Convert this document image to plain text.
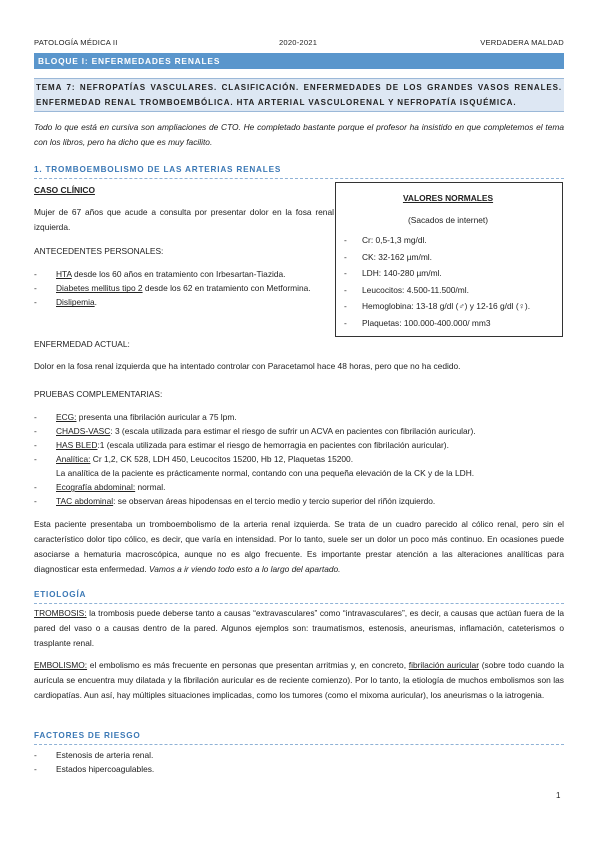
PATOLOGÍA MÉDICA II	2020-2021	VERDADERA MALDAD
BLOQUE I: ENFERMEDADES RENALES
TEMA 7: NEFROPATÍAS VASCULARES. CLASIFICACIÓN. ENFERMEDADES DE LOS GRANDES VASOS RENALES. ENFERMEDAD RENAL TROMBOEMBÓLICA. HTA ARTERIAL VASCULORENAL Y NEFROPATÍA ISQUÉMICA.
Todo lo que está en cursiva son ampliaciones de CTO. He completado bastante porque el profesor ha insistido en que completemos el tema con los libros, pero ha dicho que es muy facilito.
1. TROMBOEMBOLISMO DE LAS ARTERIAS RENALES
CASO CLÍNICO
Mujer de 67 años que acude a consulta por presentar dolor en la fosa renal izquierda.
ANTECEDENTES PERSONALES:
- HTA desde los 60 años en tratamiento con Irbesartan-Tiazida.
- Diabetes mellitus tipo 2 desde los 62 en tratamiento con Metformina.
- Dislipemia.
ENFERMEDAD ACTUAL:
Dolor en la fosa renal izquierda que ha intentado controlar con Paracetamol hace 48 horas, pero que no ha cedido.
PRUEBAS COMPLEMENTARIAS:
- ECG: presenta una fibrilación auricular a 75 lpm.
- CHADS-VASC: 3 (escala utilizada para estimar el riesgo de sufrir un ACVA en pacientes con fibrilación auricular).
- HAS BLED:1 (escala utilizada para estimar el riesgo de hemorragia en pacientes con fibrilación auricular).
- Analítica: Cr 1,2, CK 528, LDH 450, Leucocitos 15200, Hb 12, Plaquetas 15200.
La analítica de la paciente es prácticamente normal, contando con una pequeña elevación de la CK y de la LDH.
- Ecografía abdominal: normal.
- TAC abdominal: se observan áreas hipodensas en el tercio medio y tercio superior del riñón izquierdo.
Esta paciente presentaba un tromboembolismo de la arteria renal izquierda. Se trata de un cuadro parecido al cólico renal, pero sin el característico dolor tipo cólico, es decir, que varía en intensidad. Por lo tanto, suele ser un dolor un poco más continuo. En ocasiones puede asociarse a hematuria macroscópica, aunque no es algo frecuente. Es importante prestar atención a las alteraciones analíticas para diagnosticar esta enfermedad. Vamos a ir viendo todo esto a lo largo del apartado.
ETIOLOGÍA
TROMBOSIS: la trombosis puede deberse tanto a causas “extravasculares” como “intravasculares”, es decir, a causas que actúan fuera de la pared del vaso o a causas dentro de la pared. Algunos ejemplos son: traumatismos, estenosis, aneurismas, inflamación, cateterismos o trasplante renal.
EMBOLISMO: el embolismo es más frecuente en personas que presentan arritmias y, en concreto, fibrilación auricular (sobre todo cuando la aurícula se encuentra muy dilatada y la fibrilación auricular es de reciente comienzo). Por lo tanto, la etiología de muchos embolismos son las cardiopatías. Aun así, hay múltiples situaciones implicadas, como los tumores (como el mixoma auricular), los aneurismas o la iatrogenia.
FACTORES DE RIESGO
- Estenosis de arteria renal.
- Estados hipercoagulables.
VALORES NORMALES
(Sacados de internet)
- Cr: 0,5-1,3 mg/dl.
- CK: 32-162 µm/ml.
- LDH: 140-280 µm/ml.
- Leucocitos: 4.500-11.500/ml.
- Hemoglobina: 13-18 g/dl (♂) y 12-16 g/dl (♀).
- Plaquetas: 100.000-400.000/ mm3
1
